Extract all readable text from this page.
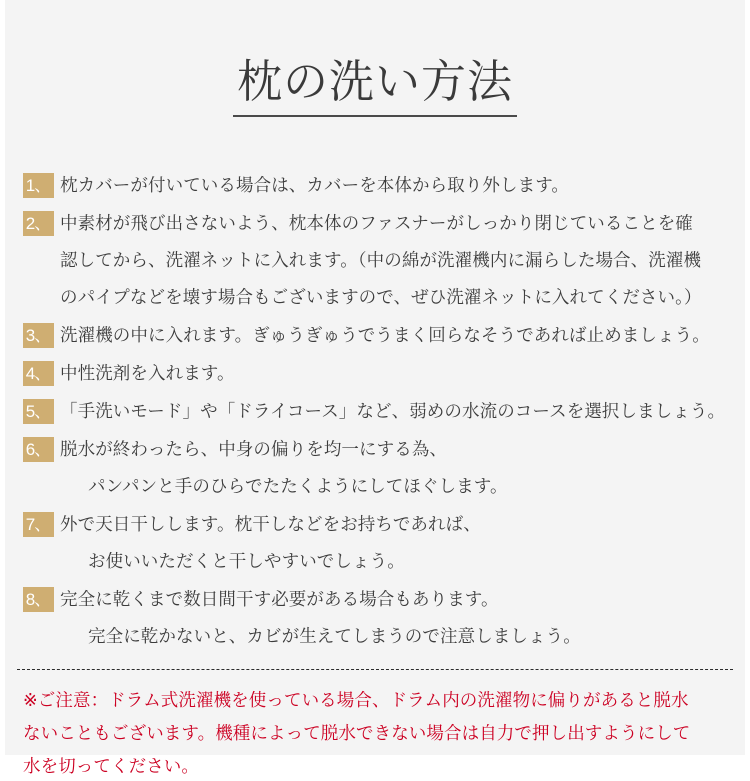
枕の洗い方法
1、 枕カバーが付いている場合は、カバーを本体から取り外します。
2、 中素材が飛び出さないよう、枕本体のファスナーがしっかり閉じていることを確
認してから、洗濯ネットに入れます。（中の綿が洗濯機内に漏らした場合、洗濯機
のパイプなどを壊す場合もございますので、ぜひ洗濯ネットに入れてください。）
3、 洗濯機の中に入れます。ぎゅうぎゅうでうまく回らなそうであれば止めましょう。
4、 中性洗剤を入れます。
5、 「手洗いモード」や「ドライコース」など、弱めの水流のコースを選択しましょう。
6、 脱水が終わったら、中身の偏りを均一にする為、
パンパンと手のひらでたたくようにしてほぐします。
7、 外で天日干しします。枕干しなどをお持ちであれば、
お使いいただくと干しやすいでしょう。
8、 完全に乾くまで数日間干す必要がある場合もあります。
完全に乾かないと、カビが生えてしまうので注意しましょう。
※ご注意：ドラム式洗濯機を使っている場合、ドラム内の洗濯物に偏りがあると脱水
ないこともございます。機種によって脱水できない場合は自力で押し出すようにして
水を切ってください。
